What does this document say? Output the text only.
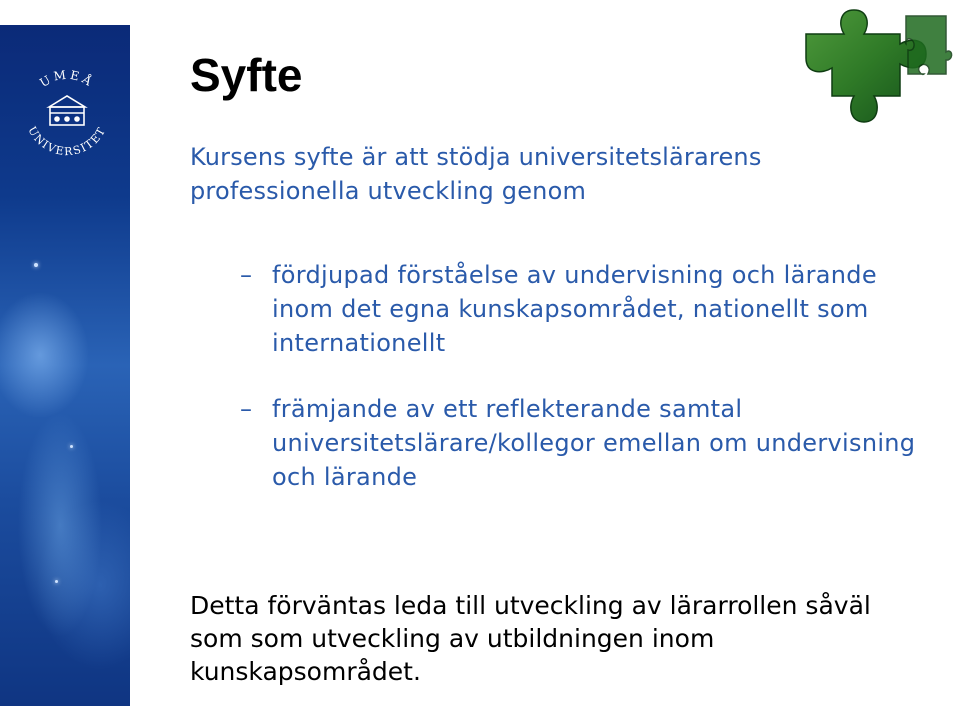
UMEÅ
UNIVERSITET
Syfte

Kursens syfte är att stödja universitetslärarens professionella utveckling genom

– fördjupad förståelse av undervisning och lärande inom det egna kunskapsområdet, nationellt som internationellt
– främjande av ett reflekterande samtal universitetslärare/kollegor emellan om undervisning och lärande

Detta förväntas leda till utveckling av lärarrollen såväl som som utveckling av utbildningen inom kunskapsområdet.
